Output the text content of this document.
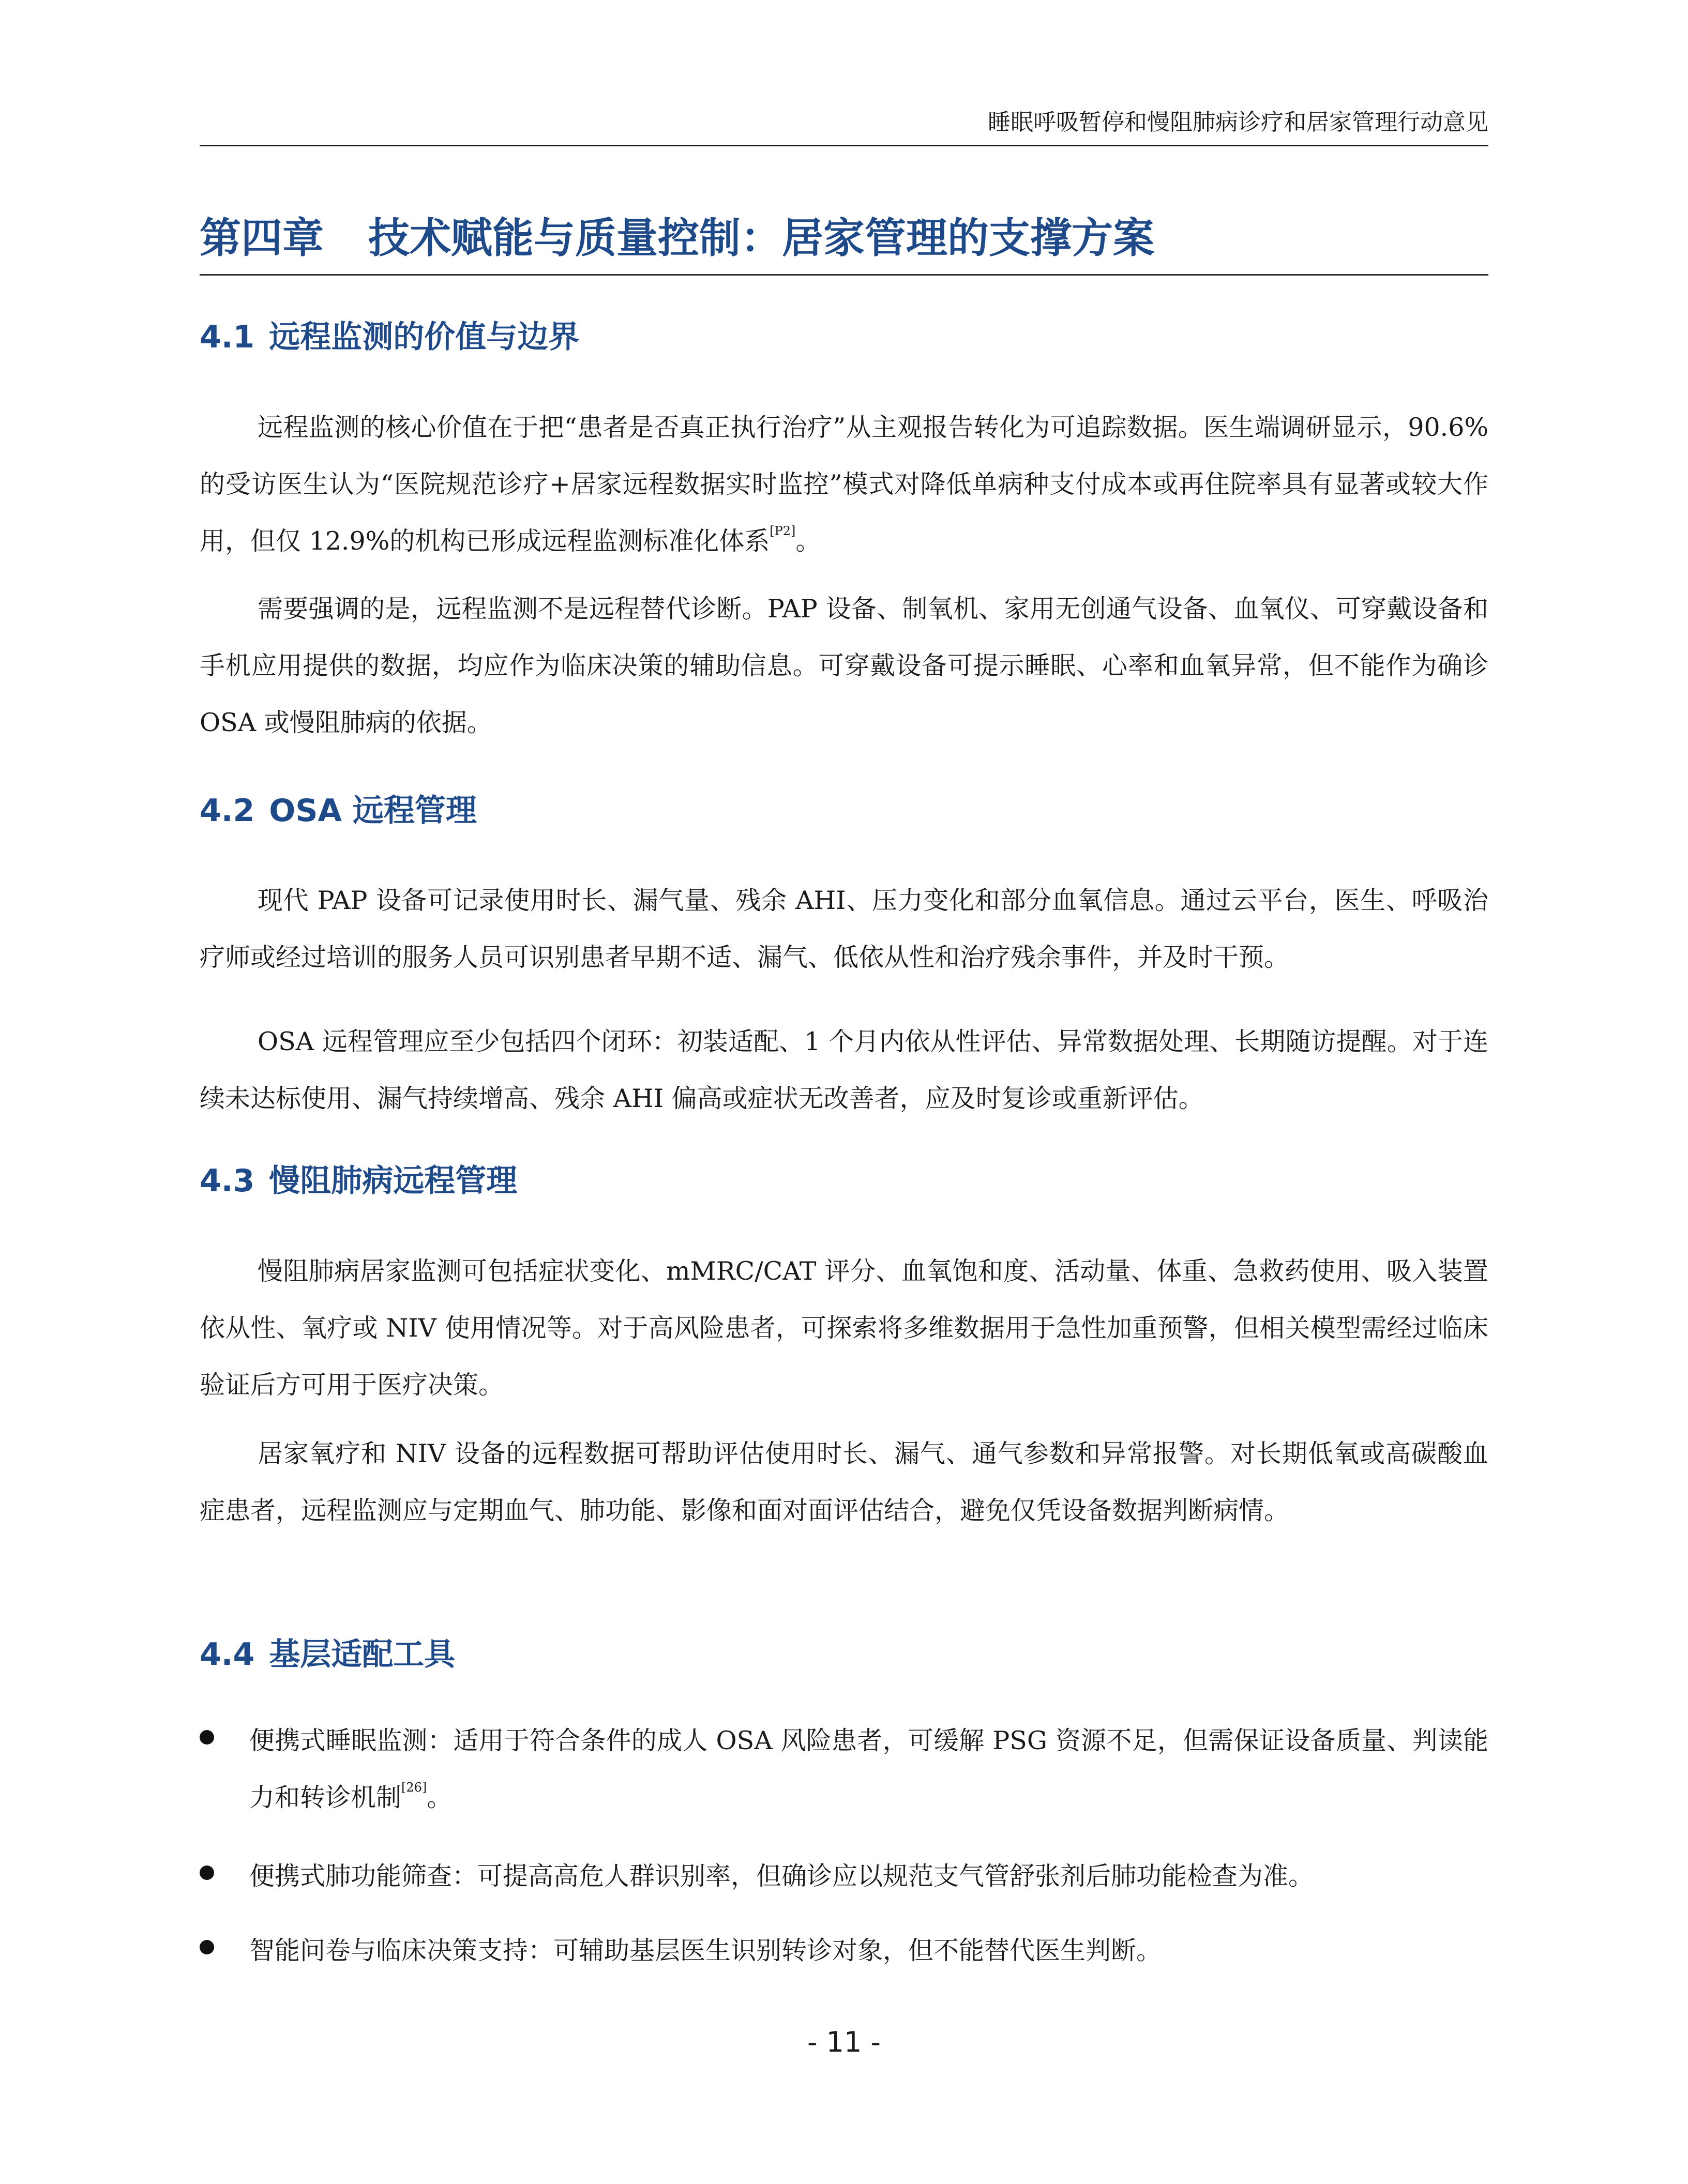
睡眠呼吸暂停和慢阻肺病诊疗和居家管理行动意见
第四章 技术赋能与质量控制：居家管理的支撑方案
4.1 远程监测的价值与边界

远程监测的核心价值在于把“患者是否真正执行治疗”从主观报告转化为可追踪数据。医生端调研显示，90.6%的受访医生认为“医院规范诊疗+居家远程数据实时监控”模式对降低单病种支付成本或再住院率具有显著或较大作用，但仅 12.9%的机构已形成远程监测标准化体系[P2]。

需要强调的是，远程监测不是远程替代诊断。PAP 设备、制氧机、家用无创通气设备、血氧仪、可穿戴设备和手机应用提供的数据，均应作为临床决策的辅助信息。可穿戴设备可提示睡眠、心率和血氧异常，但不能作为确诊 OSA 或慢阻肺病的依据。

4.2 OSA 远程管理

现代 PAP 设备可记录使用时长、漏气量、残余 AHI、压力变化和部分血氧信息。通过云平台，医生、呼吸治疗师或经过培训的服务人员可识别患者早期不适、漏气、低依从性和治疗残余事件，并及时干预。

OSA 远程管理应至少包括四个闭环：初装适配、1 个月内依从性评估、异常数据处理、长期随访提醒。对于连续未达标使用、漏气持续增高、残余 AHI 偏高或症状无改善者，应及时复诊或重新评估。

4.3 慢阻肺病远程管理

慢阻肺病居家监测可包括症状变化、mMRC/CAT 评分、血氧饱和度、活动量、体重、急救药使用、吸入装置依从性、氧疗或 NIV 使用情况等。对于高风险患者，可探索将多维数据用于急性加重预警，但相关模型需经过临床验证后方可用于医疗决策。

居家氧疗和 NIV 设备的远程数据可帮助评估使用时长、漏气、通气参数和异常报警。对长期低氧或高碳酸血症患者，远程监测应与定期血气、肺功能、影像和面对面评估结合，避免仅凭设备数据判断病情。

4.4 基层适配工具

便携式睡眠监测：适用于符合条件的成人 OSA 风险患者，可缓解 PSG 资源不足，但需保证设备质量、判读能力和转诊机制[26]。

便携式肺功能筛查：可提高高危人群识别率，但确诊应以规范支气管舒张剂后肺功能检查为准。

智能问卷与临床决策支持：可辅助基层医生识别转诊对象，但不能替代医生判断。

- 11 -
